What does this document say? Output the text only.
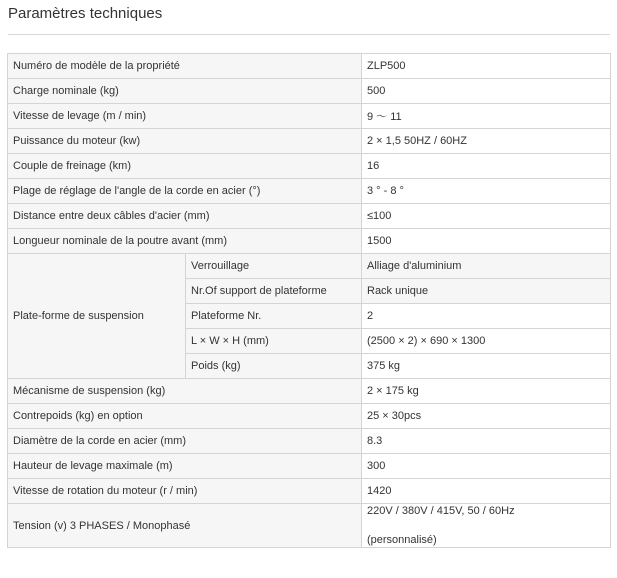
Paramètres techniques
Numéro de modèle de la propriété		ZLP500
Charge nominale (kg)		500
Vitesse de levage (m / min)		9 ～ 11
Puissance du moteur (kw)		2 × 1,5 50HZ / 60HZ
Couple de freinage (km)		16
Plage de réglage de l'angle de la corde en acier (°)		3 ° - 8 °
Distance entre deux câbles d'acier (mm)		≤100
Longueur nominale de la poutre avant (mm)		1500
Plate-forme de suspension	Verrouillage	Alliage d'aluminium
	Nr.Of support de plateforme	Rack unique
	Plateforme Nr.	2
	L × W × H (mm)	(2500 × 2) × 690 × 1300
	Poids (kg)	375 kg
Mécanisme de suspension (kg)		2 × 175 kg
Contrepoids (kg) en option		25 × 30pcs
Diamètre de la corde en acier (mm)		8.3
Hauteur de levage maximale (m)		300
Vitesse de rotation du moteur (r / min)		1420
Tension (v) 3 PHASES / Monophasé		220V / 380V / 415V, 50 / 60Hz
(personnalisé)
